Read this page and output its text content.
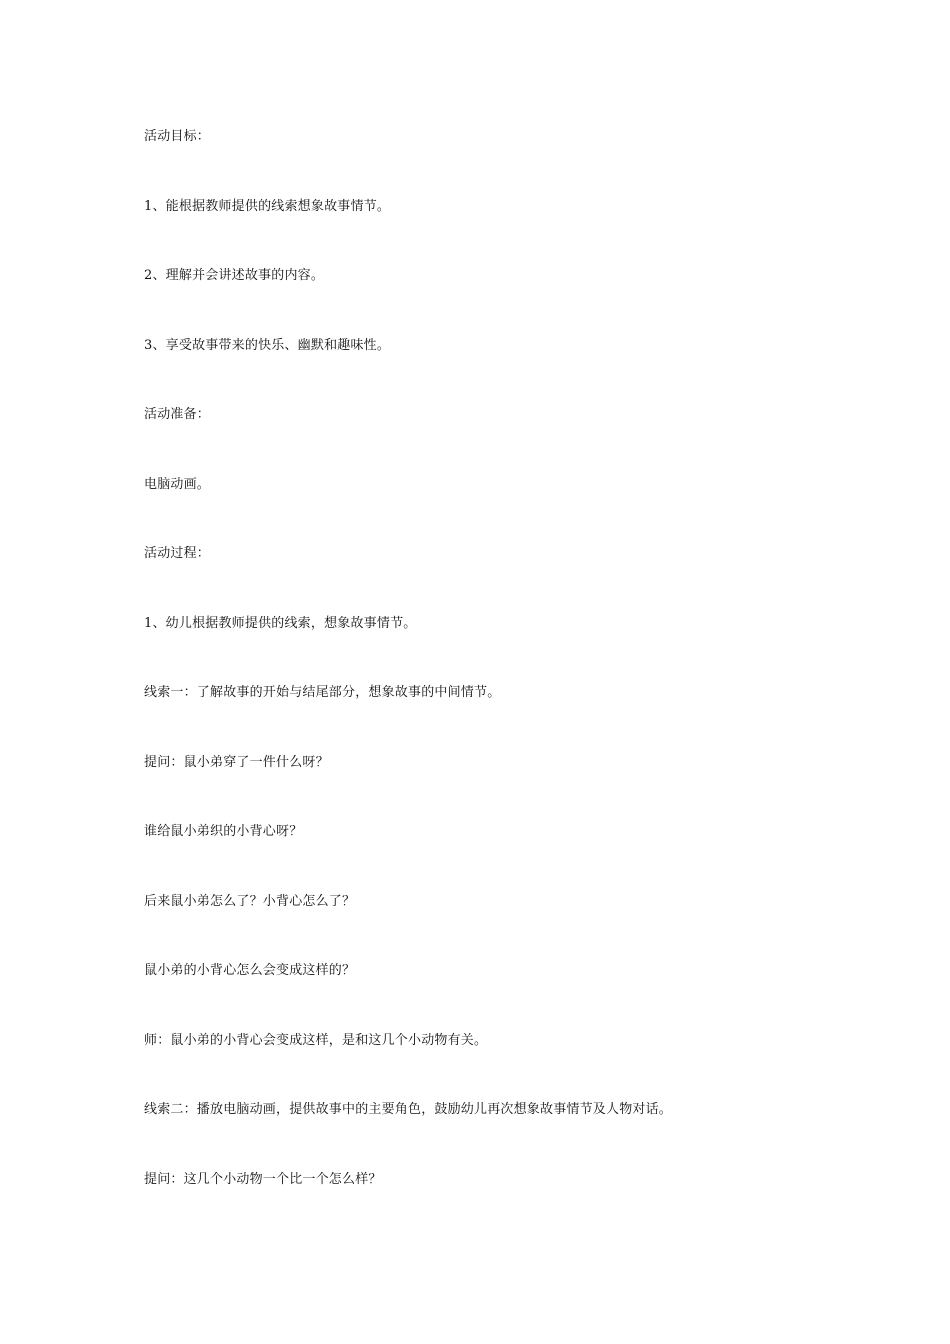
活动目标：

1、能根据教师提供的线索想象故事情节。

2、理解并会讲述故事的内容。

3、享受故事带来的快乐、幽默和趣味性。

活动准备：

电脑动画。

活动过程：

1、幼儿根据教师提供的线索，想象故事情节。

线索一：了解故事的开始与结尾部分，想象故事的中间情节。

提问：鼠小弟穿了一件什么呀？

谁给鼠小弟织的小背心呀？

后来鼠小弟怎么了？小背心怎么了？

鼠小弟的小背心怎么会变成这样的？

师：鼠小弟的小背心会变成这样，是和这几个小动物有关。

线索二：播放电脑动画，提供故事中的主要角色，鼓励幼儿再次想象故事情节及人物对话。

提问：这几个小动物一个比一个怎么样？
